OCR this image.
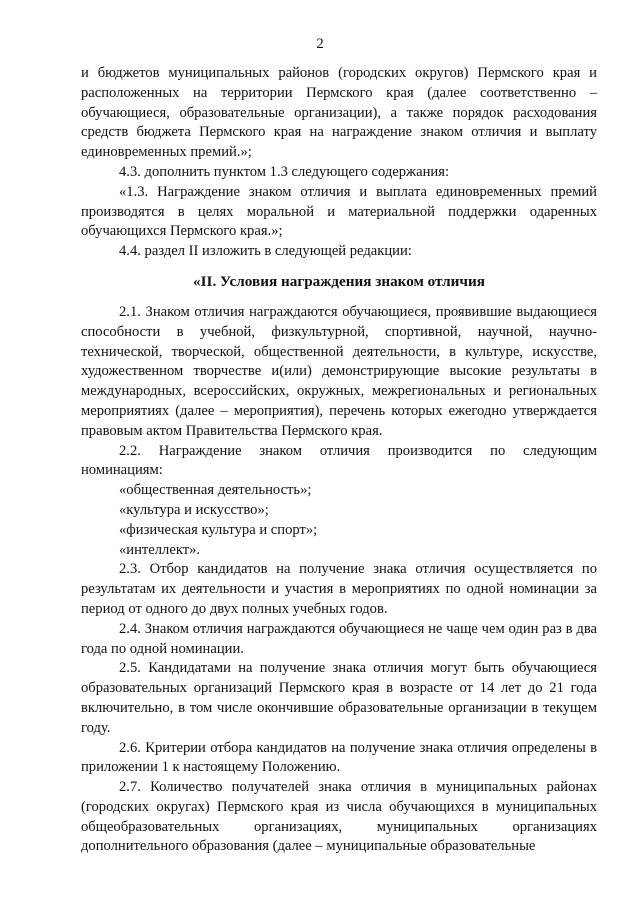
2

и бюджетов муниципальных районов (городских округов) Пермского края и расположенных на территории Пермского края (далее соответственно – обучающиеся, образовательные организации), а также порядок расходования средств бюджета Пермского края на награждение знаком отличия и выплату единовременных премий.»;

4.3. дополнить пунктом 1.3 следующего содержания:

«1.3. Награждение знаком отличия и выплата единовременных премий производятся в целях моральной и материальной поддержки одаренных обучающихся Пермского края.»;

4.4. раздел II изложить в следующей редакции:

«II. Условия награждения знаком отличия

2.1. Знаком отличия награждаются обучающиеся, проявившие выдающиеся способности в учебной, физкультурной, спортивной, научной, научно-технической, творческой, общественной деятельности, в культуре, искусстве, художественном творчестве и(или) демонстрирующие высокие результаты в международных, всероссийских, окружных, межрегиональных и региональных мероприятиях (далее – мероприятия), перечень которых ежегодно утверждается правовым актом Правительства Пермского края.

2.2. Награждение знаком отличия производится по следующим номинациям:

«общественная деятельность»;

«культура и искусство»;

«физическая культура и спорт»;

«интеллект».

2.3. Отбор кандидатов на получение знака отличия осуществляется по результатам их деятельности и участия в мероприятиях по одной номинации за период от одного до двух полных учебных годов.

2.4. Знаком отличия награждаются обучающиеся не чаще чем один раз в два года по одной номинации.

2.5. Кандидатами на получение знака отличия могут быть обучающиеся образовательных организаций Пермского края в возрасте от 14 лет до 21 года включительно, в том числе окончившие образовательные организации в текущем году.

2.6. Критерии отбора кандидатов на получение знака отличия определены в приложении 1 к настоящему Положению.

2.7. Количество получателей знака отличия в муниципальных районах (городских округах) Пермского края из числа обучающихся в муниципальных общеобразовательных организациях, муниципальных организациях дополнительного образования (далее – муниципальные образовательные
